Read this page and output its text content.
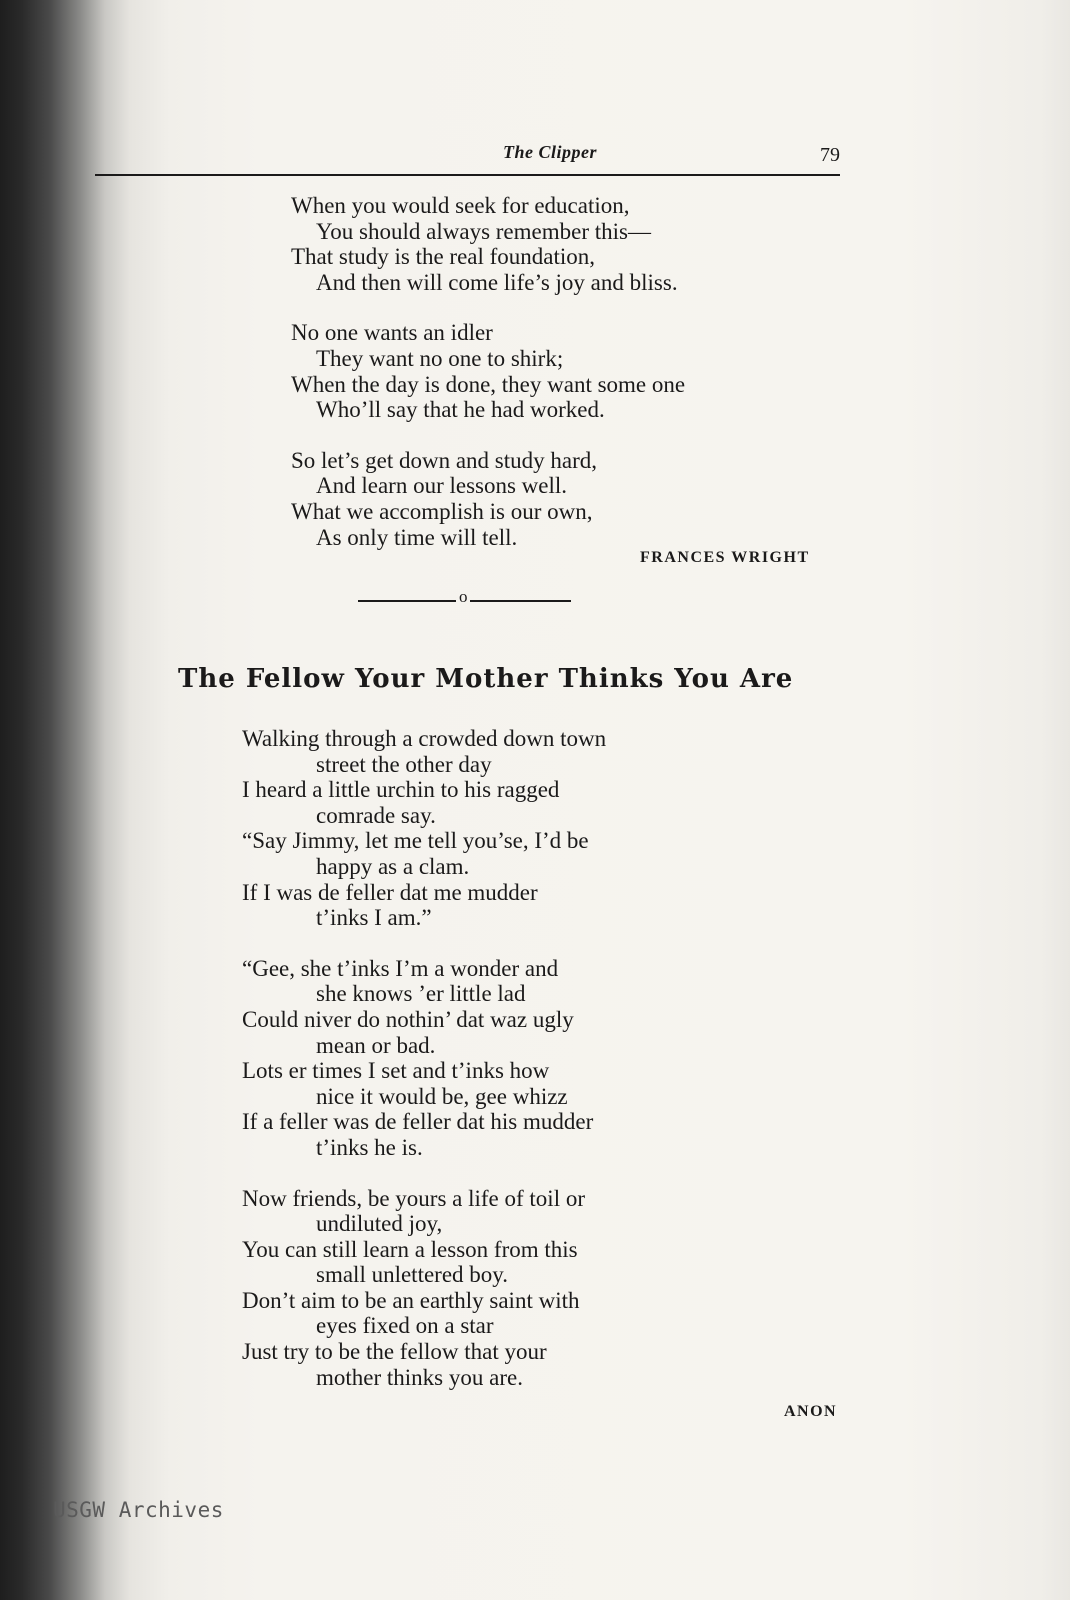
The Clipper	79
When you would seek for education,
You should always remember this—
That study is the real foundation,
And then will come life’s joy and bliss.
No one wants an idler
They want no one to shirk;
When the day is done, they want some one
Who’ll say that he had worked.
So let’s get down and study hard,
And learn our lessons well.
What we accomplish is our own,
As only time will tell.
FRANCES WRIGHT
o
The Fellow Your Mother Thinks You Are
Walking through a crowded down town
street the other day
I heard a little urchin to his ragged
comrade say.
“Say Jimmy, let me tell you’se, I’d be
happy as a clam.
If I was de feller dat me mudder
t’inks I am.”
“Gee, she t’inks I’m a wonder and
she knows ’er little lad
Could niver do nothin’ dat waz ugly
mean or bad.
Lots er times I set and t’inks how
nice it would be, gee whizz
If a feller was de feller dat his mudder
t’inks he is.
Now friends, be yours a life of toil or
undiluted joy,
You can still learn a lesson from this
small unlettered boy.
Don’t aim to be an earthly saint with
eyes fixed on a star
Just try to be the fellow that your
mother thinks you are.
ANON
USGW Archives
